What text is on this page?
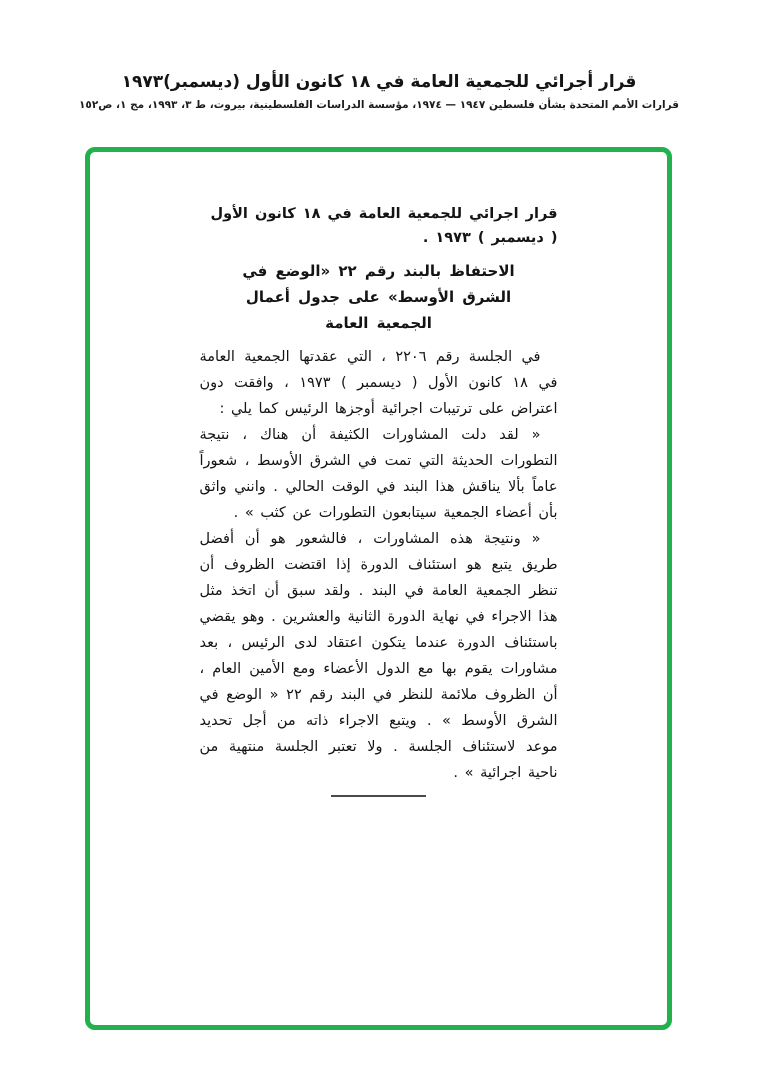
قرار أجرائي للجمعية العامة في ١٨ كانون الأول (ديسمبر)١٩٧٣
قرارات الأمم المتحدة بشأن فلسطين ١٩٤٧ — ١٩٧٤، مؤسسة الدراسات الفلسطينية، بيروت، ط ٣، ١٩٩٣، مج ١، ص١٥٢
قرار اجرائي للجمعية العامة في ١٨ كانون الأول ( ديسمبر ) ١٩٧٣ .
الاحتفاظ بالبند رقم ٢٢ «الوضع في
الشرق الأوسط» على جدول أعمال
الجمعية العامة

في الجلسة رقم ٢٢٠٦ ، التي عقدتها الجمعية العامة في ١٨ كانون الأول ( ديسمبر ) ١٩٧٣ ، وافقت دون اعتراض على ترتيبات اجرائية أوجزها الرئيس كما يلي :

« لقد دلت المشاورات الكثيفة أن هناك ، نتيجة التطورات الحديثة التي تمت في الشرق الأوسط ، شعوراً عاماً بألا يناقش هذا البند في الوقت الحالي . وانني واثق بأن أعضاء الجمعية سيتابعون التطورات عن كثب » .

« ونتيجة هذه المشاورات ، فالشعور هو أن أفضل طريق يتبع هو استئناف الدورة إذا اقتضت الظروف أن تنظر الجمعية العامة في البند . ولقد سبق أن اتخذ مثل هذا الاجراء في نهاية الدورة الثانية والعشرين . وهو يقضي باستئناف الدورة عندما يتكون اعتقاد لدى الرئيس ، بعد مشاورات يقوم بها مع الدول الأعضاء ومع الأمين العام ، أن الظروف ملائمة للنظر في البند رقم ٢٢ « الوضع في الشرق الأوسط » . ويتبع الاجراء ذاته من أجل تحديد موعد لاستئناف الجلسة . ولا تعتبر الجلسة منتهية من ناحية اجرائية » .
